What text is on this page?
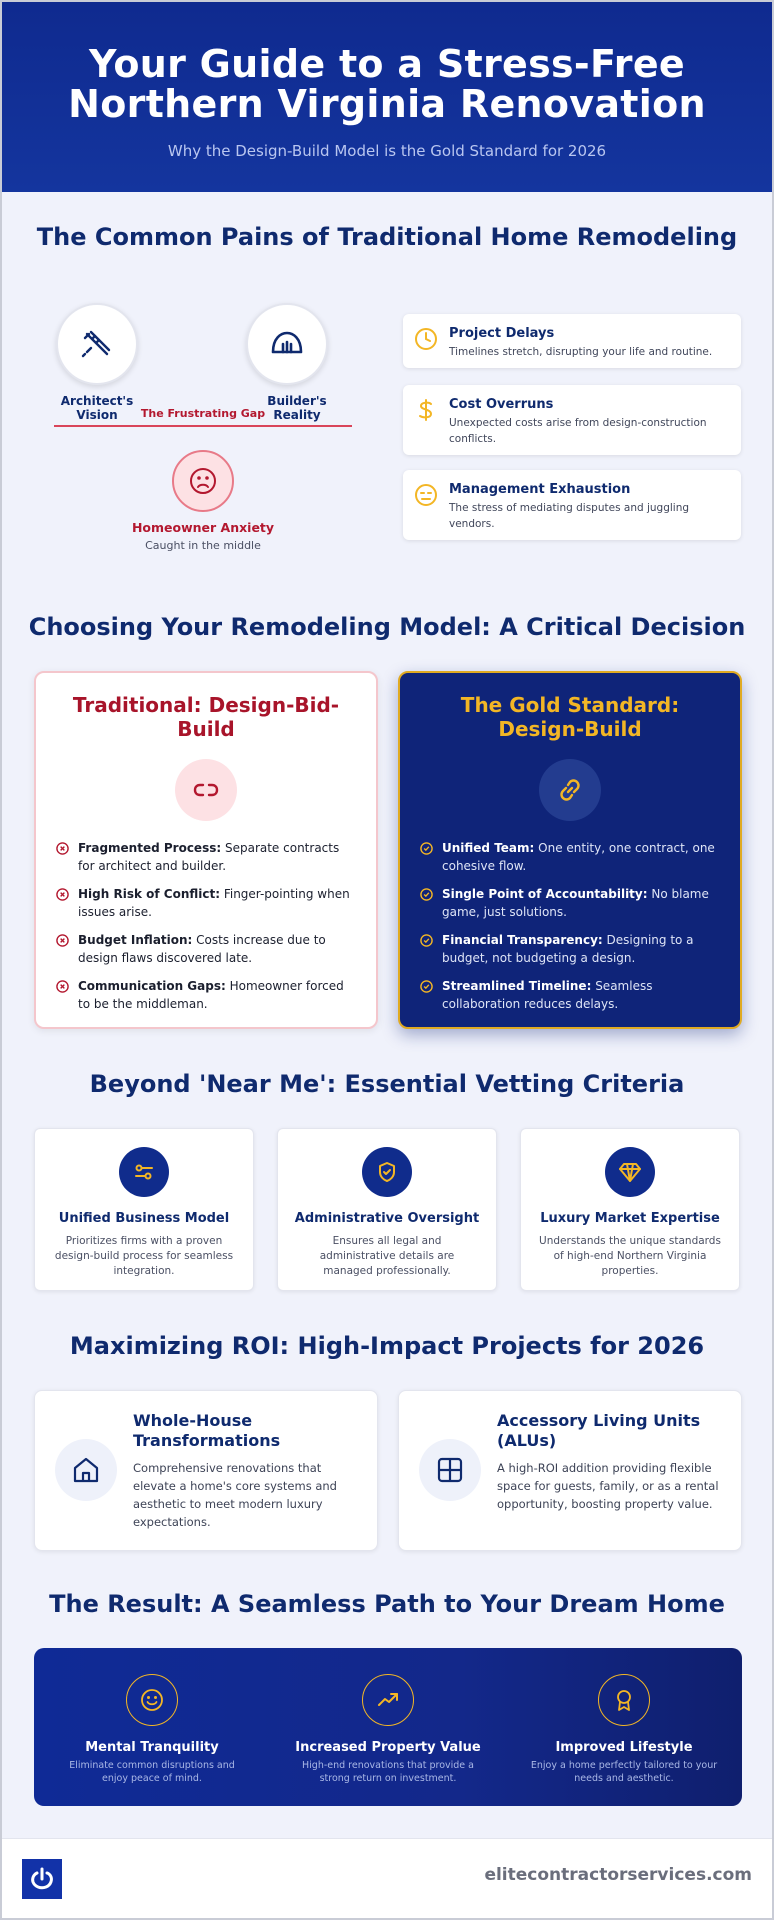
Your Guide to a Stress-Free
Northern Virginia Renovation
Why the Design-Build Model is the Gold Standard for 2026
The Common Pains of Traditional Home Remodeling
Architect's Vision
Builder's Reality
The Frustrating Gap
Homeowner Anxiety
Caught in the middle
Project Delays
Timelines stretch, disrupting your life and routine.
Cost Overruns
Unexpected costs arise from design-construction conflicts.
Management Exhaustion
The stress of mediating disputes and juggling vendors.
Choosing Your Remodeling Model: A Critical Decision
Traditional: Design-Bid-Build
Fragmented Process: Separate contracts for architect and builder.
High Risk of Conflict: Finger-pointing when issues arise.
Budget Inflation: Costs increase due to design flaws discovered late.
Communication Gaps: Homeowner forced to be the middleman.
The Gold Standard: Design-Build
Unified Team: One entity, one contract, one cohesive flow.
Single Point of Accountability: No blame game, just solutions.
Financial Transparency: Designing to a budget, not budgeting a design.
Streamlined Timeline: Seamless collaboration reduces delays.
Beyond 'Near Me': Essential Vetting Criteria
Unified Business Model
Prioritizes firms with a proven design-build process for seamless integration.
Administrative Oversight
Ensures all legal and administrative details are managed professionally.
Luxury Market Expertise
Understands the unique standards of high-end Northern Virginia properties.
Maximizing ROI: High-Impact Projects for 2026
Whole-House Transformations
Comprehensive renovations that elevate a home's core systems and aesthetic to meet modern luxury expectations.
Accessory Living Units (ALUs)
A high-ROI addition providing flexible space for guests, family, or as a rental opportunity, boosting property value.
The Result: A Seamless Path to Your Dream Home
Mental Tranquility
Eliminate common disruptions and enjoy peace of mind.
Increased Property Value
High-end renovations that provide a strong return on investment.
Improved Lifestyle
Enjoy a home perfectly tailored to your needs and aesthetic.
elitecontractorservices.com
